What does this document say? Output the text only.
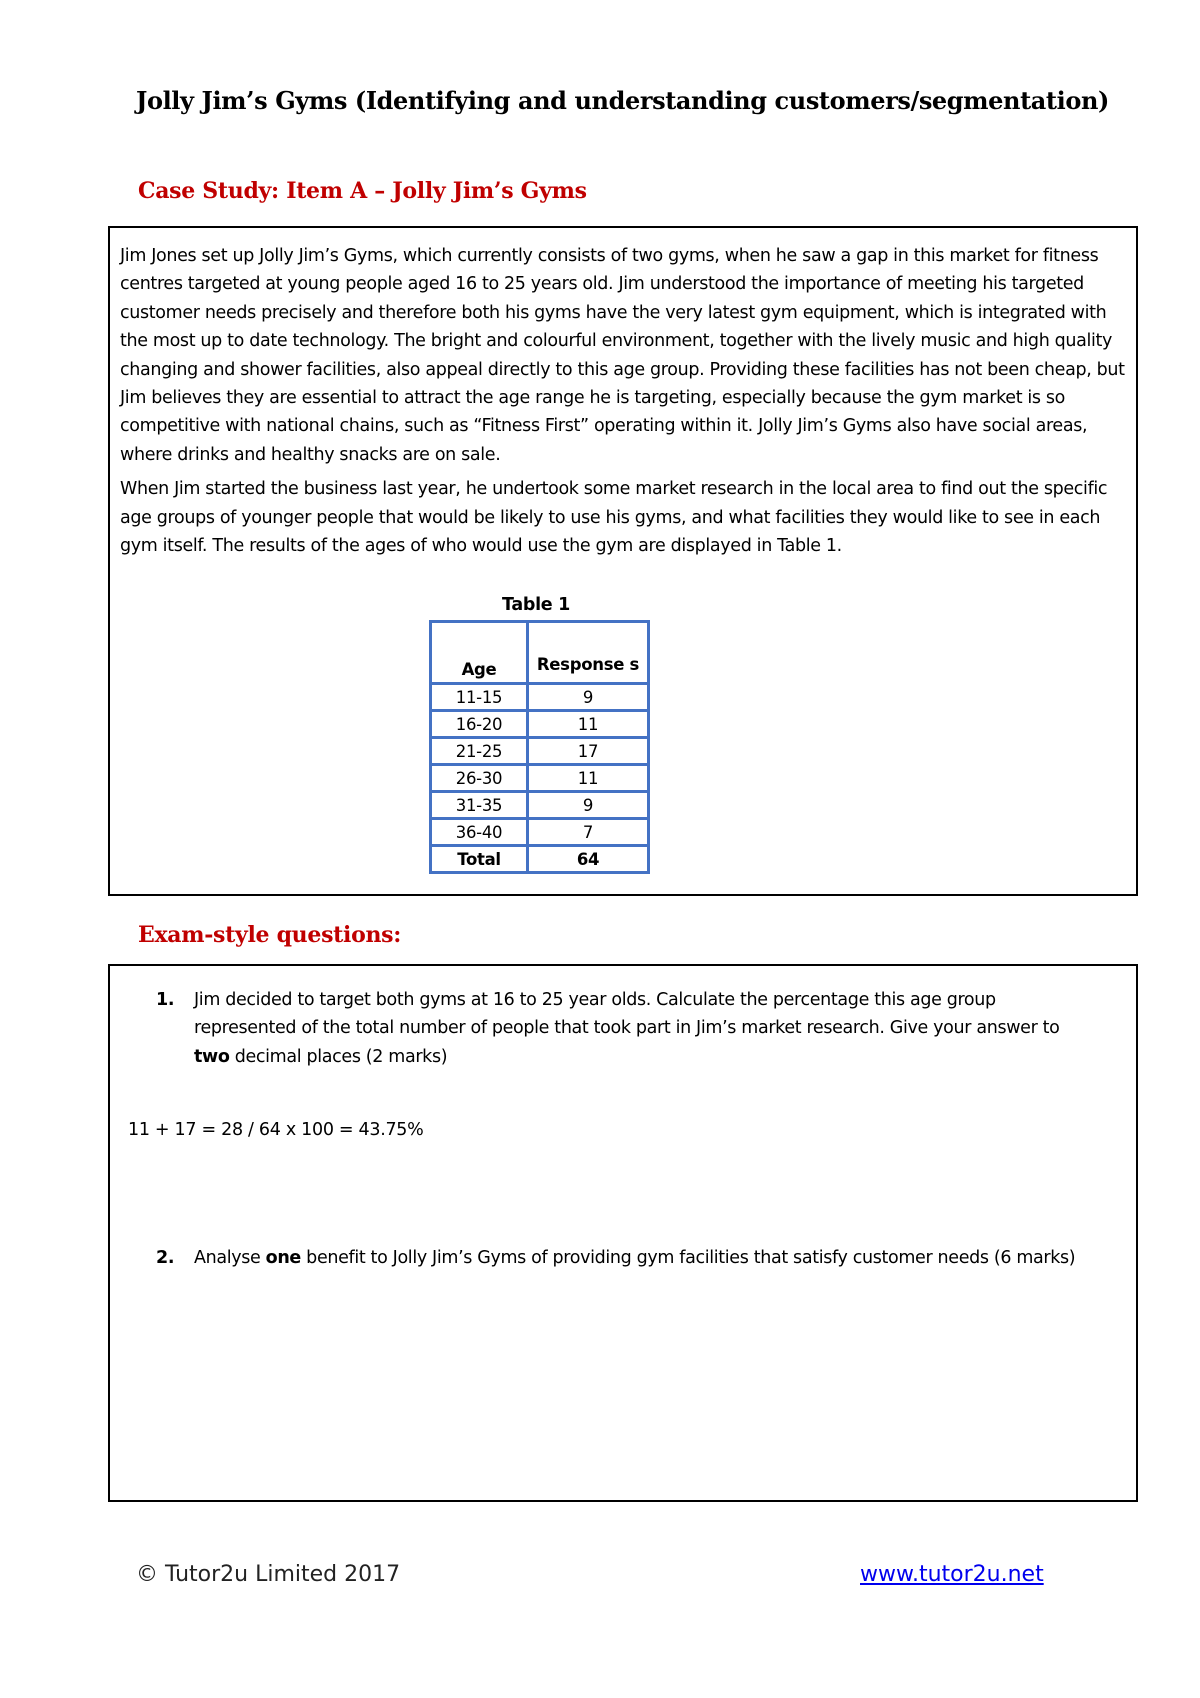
Jolly Jim’s Gyms (Identifying and understanding customers/segmentation)
Case Study: Item A – Jolly Jim’s Gyms

Jim Jones set up Jolly Jim’s Gyms, which currently consists of two gyms, when he saw a gap in this market for fitness centres targeted at young people aged 16 to 25 years old. Jim understood the importance of meeting his targeted customer needs precisely and therefore both his gyms have the very latest gym equipment, which is integrated with the most up to date technology. The bright and colourful environment, together with the lively music and high quality changing and shower facilities, also appeal directly to this age group. Providing these facilities has not been cheap, but Jim believes they are essential to attract the age range he is targeting, especially because the gym market is so competitive with national chains, such as “Fitness First” operating within it. Jolly Jim’s Gyms also have social areas, where drinks and healthy snacks are on sale.

When Jim started the business last year, he undertook some market research in the local area to find out the specific age groups of younger people that would be likely to use his gyms, and what facilities they would like to see in each gym itself. The results of the ages of who would use the gym are displayed in Table 1.

Table 1
Age	Response s
11-15	9
16-20	11
21-25	17
26-30	11
31-35	9
36-40	7
Total	64
Exam-style questions:
1. Jim decided to target both gyms at 16 to 25 year olds. Calculate the percentage this age group represented of the total number of people that took part in Jim’s market research. Give your answer to two decimal places (2 marks)
11 + 17 = 28 / 64 x 100 = 43.75%
2. Analyse one benefit to Jolly Jim’s Gyms of providing gym facilities that satisfy customer needs (6 marks)
© Tutor2u Limited 2017	www.tutor2u.net
